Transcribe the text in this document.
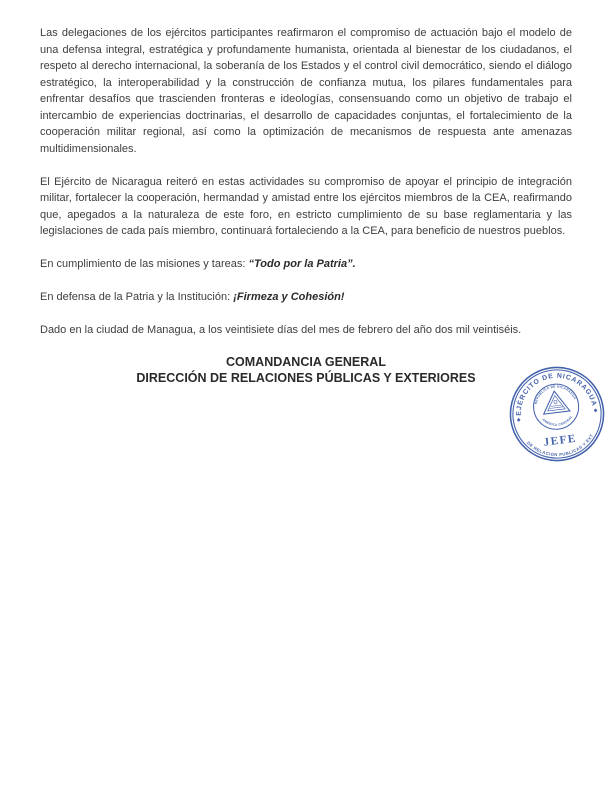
Las delegaciones de los ejércitos participantes reafirmaron el compromiso de actuación bajo el modelo de una defensa integral, estratégica y profundamente humanista, orientada al bienestar de los ciudadanos, el respeto al derecho internacional, la soberanía de los Estados y el control civil democrático, siendo el diálogo estratégico, la interoperabilidad y la construcción de confianza mutua, los pilares fundamentales para enfrentar desafíos que trascienden fronteras e ideologías, consensuando como un objetivo de trabajo el intercambio de experiencias doctrinarias, el desarrollo de capacidades conjuntas, el fortalecimiento de la cooperación militar regional, así como la optimización de mecanismos de respuesta ante amenazas multidimensionales.

El Ejército de Nicaragua reiteró en estas actividades su compromiso de apoyar el principio de integración militar, fortalecer la cooperación, hermandad y amistad entre los ejércitos miembros de la CEA, reafirmando que, apegados a la naturaleza de este foro, en estricto cumplimiento de su base reglamentaria y las legislaciones de cada país miembro, continuará fortaleciendo a la CEA, para beneficio de nuestros pueblos.

En cumplimiento de las misiones y tareas: “Todo por la Patria”.

En defensa de la Patria y la Institución: ¡Firmeza y Cohesión!

Dado en la ciudad de Managua, a los veintisiete días del mes de febrero del año dos mil veintiséis.

COMANDANCIA GENERAL
DIRECCIÓN DE RELACIONES PÚBLICAS Y EXTERIORES
EJÉRCITO DE NICARAGUA
DE RELACION PUBLICAS Y EXT
◆
◆
REPUBLICA DE NICARAGUA
AMERICA CENTRAL
JEFE
